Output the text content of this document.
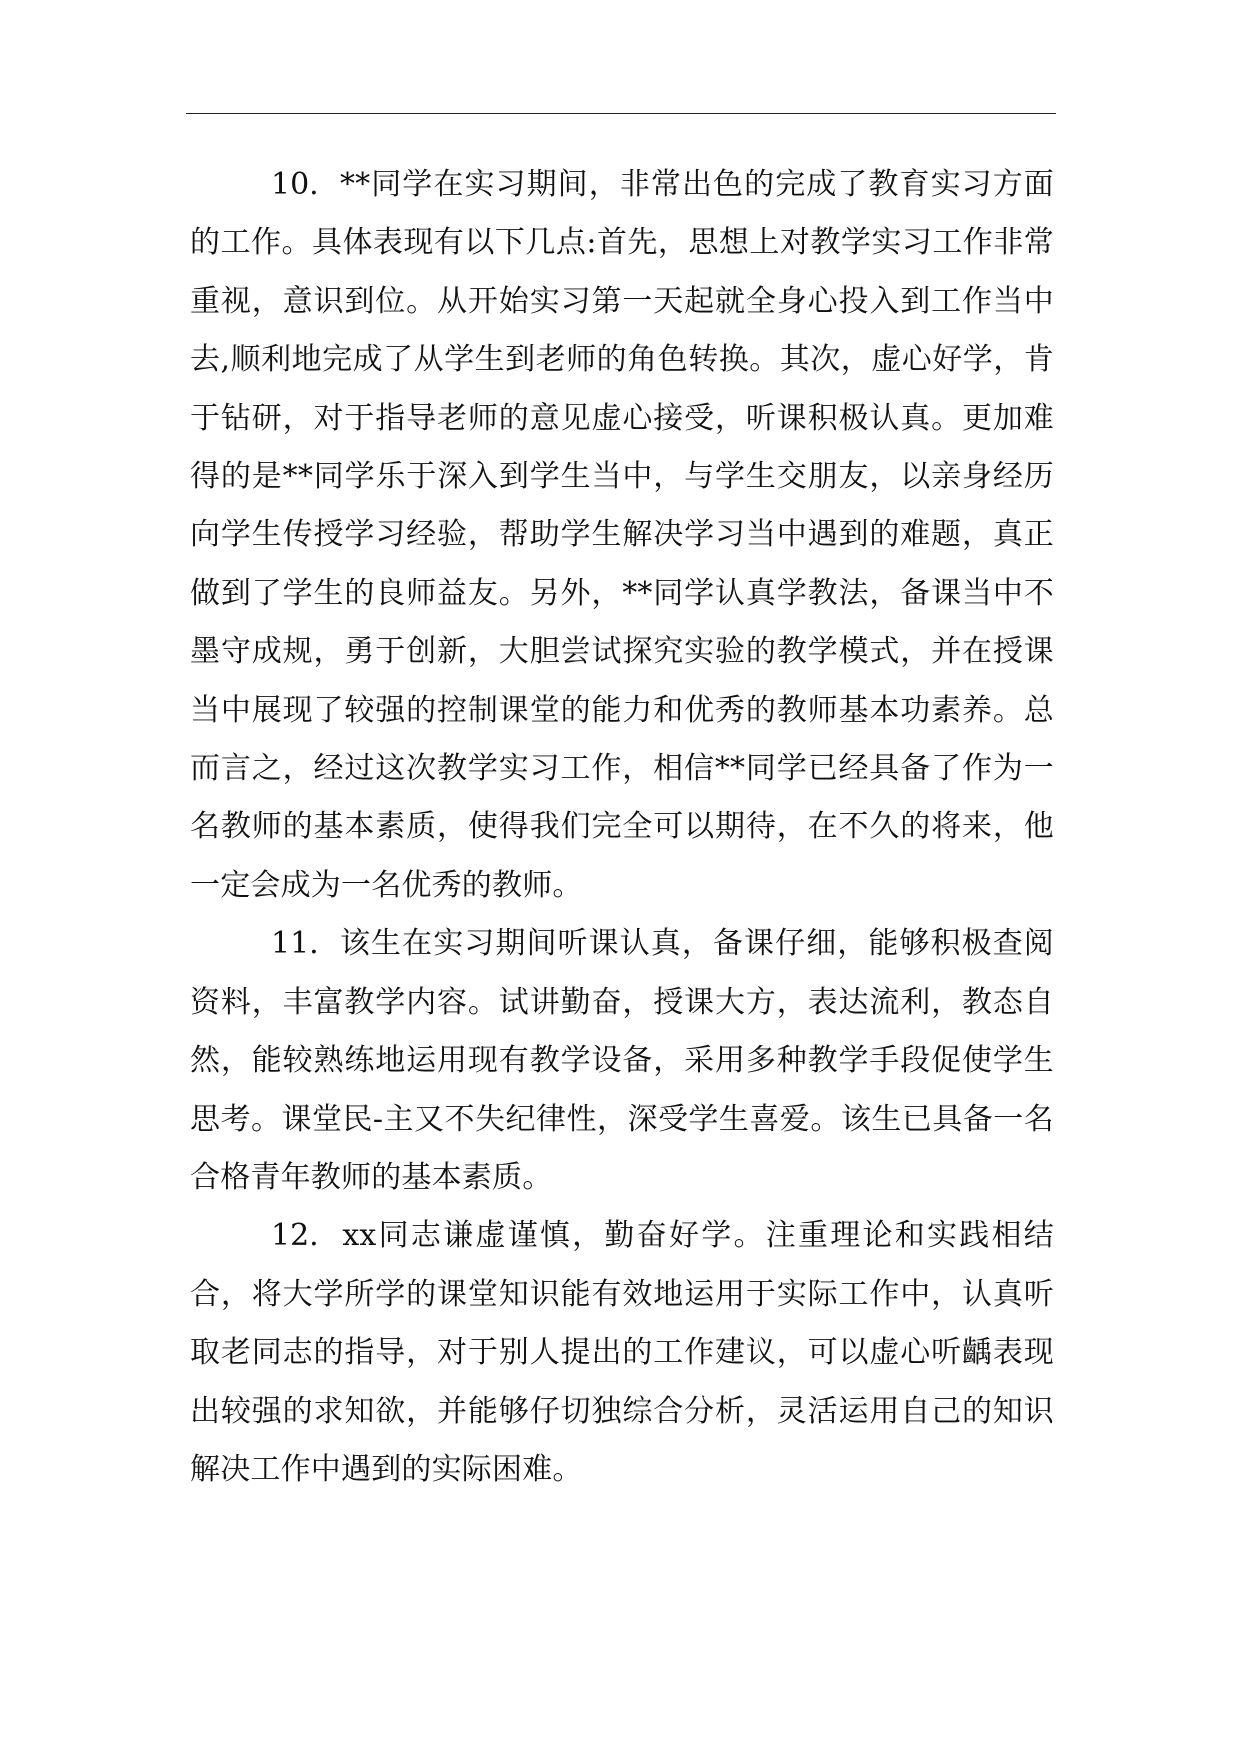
10. **同学在实习期间，非常出色的完成了教育实习方面的工作。具体表现有以下几点:首先，思想上对教学实习工作非常重视，意识到位。从开始实习第一天起就全身心投入到工作当中去,顺利地完成了从学生到老师的角色转换。其次，虚心好学，肯于钻研，对于指导老师的意见虚心接受，听课积极认真。更加难得的是**同学乐于深入到学生当中，与学生交朋友，以亲身经历向学生传授学习经验，帮助学生解决学习当中遇到的难题，真正做到了学生的良师益友。另外，**同学认真学教法，备课当中不墨守成规，勇于创新，大胆尝试探究实验的教学模式，并在授课当中展现了较强的控制课堂的能力和优秀的教师基本功素养。总而言之，经过这次教学实习工作，相信**同学已经具备了作为一名教师的基本素质，使得我们完全可以期待，在不久的将来，他一定会成为一名优秀的教师。

11. 该生在实习期间听课认真，备课仔细，能够积极查阅资料，丰富教学内容。试讲勤奋，授课大方，表达流利，教态自然，能较熟练地运用现有教学设备，采用多种教学手段促使学生思考。课堂民-主又不失纪律性，深受学生喜爱。该生已具备一名合格青年教师的基本素质。

12. xx同志谦虚谨慎，勤奋好学。注重理论和实践相结合，将大学所学的课堂知识能有效地运用于实际工作中，认真听取老同志的指导，对于别人提出的工作建议，可以虚心听齲表现出较强的求知欲，并能够仔切独综合分析，灵活运用自己的知识解决工作中遇到的实际困难。
